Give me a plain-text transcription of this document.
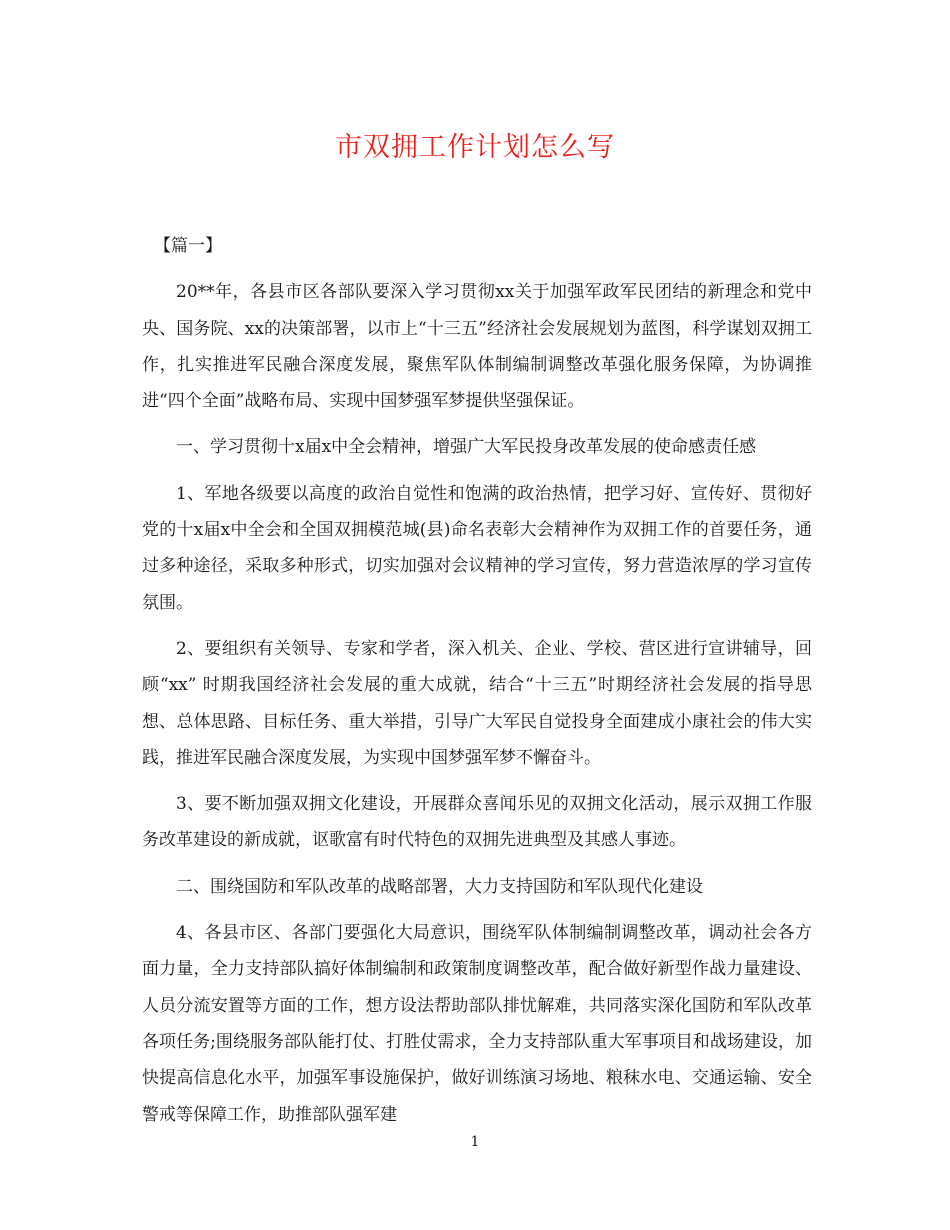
市双拥工作计划怎么写

【篇一】

20**年，各县市区各部队要深入学习贯彻xx关于加强军政军民团结的新理念和党中央、国务院、xx的决策部署，以市上“十三五”经济社会发展规划为蓝图，科学谋划双拥工作，扎实推进军民融合深度发展，聚焦军队体制编制调整改革强化服务保障，为协调推进“四个全面”战略布局、实现中国梦强军梦提供坚强保证。

一、学习贯彻十x届x中全会精神，增强广大军民投身改革发展的使命感责任感

1、军地各级要以高度的政治自觉性和饱满的政治热情，把学习好、宣传好、贯彻好党的十x届x中全会和全国双拥模范城(县)命名表彰大会精神作为双拥工作的首要任务，通过多种途径，采取多种形式，切实加强对会议精神的学习宣传，努力营造浓厚的学习宣传氛围。

2、要组织有关领导、专家和学者，深入机关、企业、学校、营区进行宣讲辅导，回顾“xx” 时期我国经济社会发展的重大成就，结合“十三五”时期经济社会发展的指导思想、总体思路、目标任务、重大举措，引导广大军民自觉投身全面建成小康社会的伟大实践，推进军民融合深度发展，为实现中国梦强军梦不懈奋斗。

3、要不断加强双拥文化建设，开展群众喜闻乐见的双拥文化活动，展示双拥工作服务改革建设的新成就，讴歌富有时代特色的双拥先进典型及其感人事迹。

二、围绕国防和军队改革的战略部署，大力支持国防和军队现代化建设

4、各县市区、各部门要强化大局意识，围绕军队体制编制调整改革，调动社会各方面力量，全力支持部队搞好体制编制和政策制度调整改革，配合做好新型作战力量建设、人员分流安置等方面的工作，想方设法帮助部队排忧解难，共同落实深化国防和军队改革各项任务;围绕服务部队能打仗、打胜仗需求，全力支持部队重大军事项目和战场建设，加快提高信息化水平，加强军事设施保护，做好训练演习场地、粮秣水电、交通运输、安全警戒等保障工作，助推部队强军建

1
